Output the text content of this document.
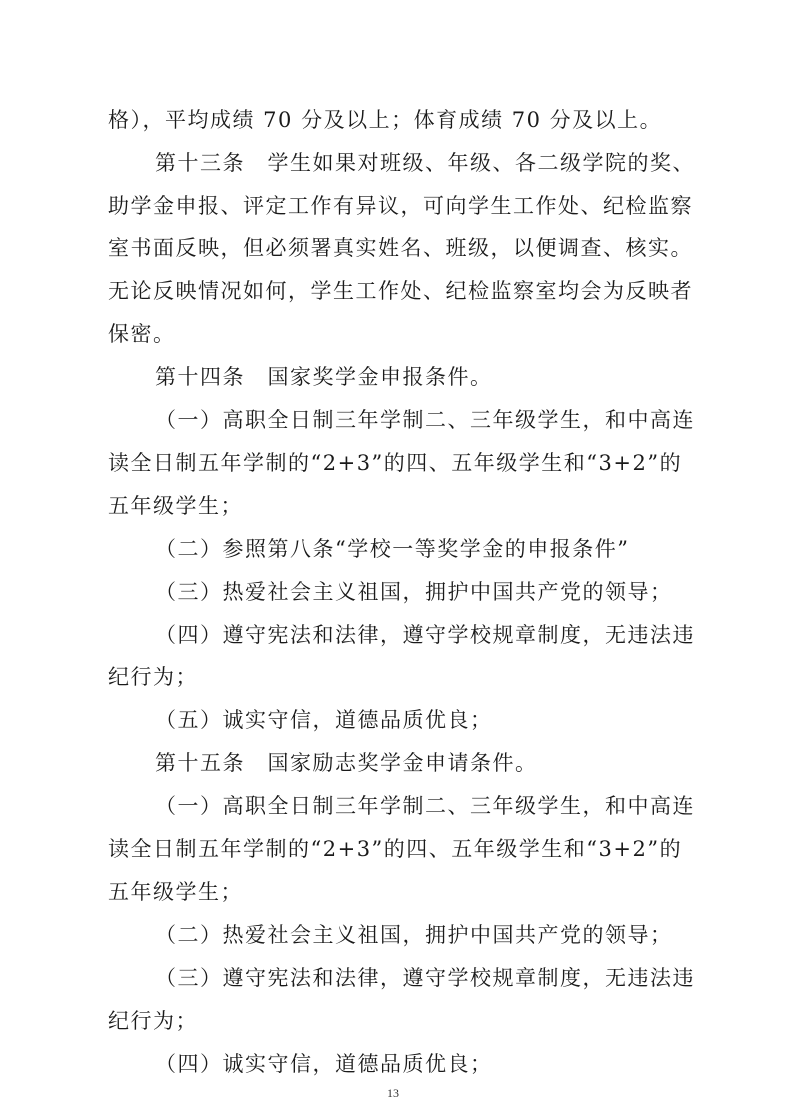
格），平均成绩 70 分及以上；体育成绩 70 分及以上。
第十三条　学生如果对班级、年级、各二级学院的奖、
助学金申报、评定工作有异议，可向学生工作处、纪检监察
室书面反映，但必须署真实姓名、班级，以便调查、核实。
无论反映情况如何，学生工作处、纪检监察室均会为反映者
保密。
第十四条　国家奖学金申报条件。
（一）高职全日制三年学制二、三年级学生，和中高连
读全日制五年学制的“2+3”的四、五年级学生和“3+2”的
五年级学生；
（二）参照第八条“学校一等奖学金的申报条件”
（三）热爱社会主义祖国，拥护中国共产党的领导；
（四）遵守宪法和法律，遵守学校规章制度，无违法违
纪行为；
（五）诚实守信，道德品质优良；
第十五条　国家励志奖学金申请条件。
（一）高职全日制三年学制二、三年级学生，和中高连
读全日制五年学制的“2+3”的四、五年级学生和“3+2”的
五年级学生；
（二）热爱社会主义祖国，拥护中国共产党的领导；
（三）遵守宪法和法律，遵守学校规章制度，无违法违
纪行为；
（四）诚实守信，道德品质优良；
13
